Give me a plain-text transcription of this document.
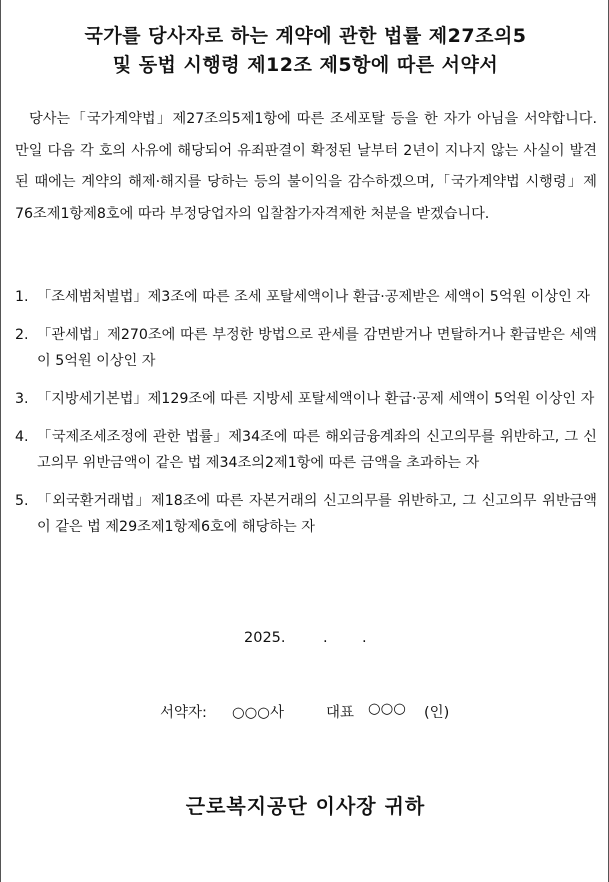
국가를 당사자로 하는 계약에 관한 법률 제27조의5
및 동법 시행령 제12조 제5항에 따른 서약서
당사는「국가계약법」제27조의5제1항에 따른 조세포탈 등을 한 자가 아님을 서약합니다. 만일 다음 각 호의 사유에 해당되어 유죄판결이 확정된 날부터 2년이 지나지 않는 사실이 발견된 때에는 계약의 해제·해지를 당하는 등의 불이익을 감수하겠으며,「국가계약법 시행령」제76조제1항제8호에 따라 부정당업자의 입찰참가자격제한 처분을 받겠습니다.
1. 「조세범처벌법」제3조에 따른 조세 포탈세액이나 환급·공제받은 세액이 5억원 이상인 자
2. 「관세법」제270조에 따른 부정한 방법으로 관세를 감면받거나 면탈하거나 환급받은 세액이 5억원 이상인 자
3. 「지방세기본법」제129조에 따른 지방세 포탈세액이나 환급·공제 세액이 5억원 이상인 자
4. 「국제조세조정에 관한 법률」제34조에 따른 해외금융계좌의 신고의무를 위반하고, 그 신고의무 위반금액이 같은 법 제34조의2제1항에 따른 금액을 초과하는 자
5. 「외국환거래법」제18조에 따른 자본거래의 신고의무를 위반하고, 그 신고의무 위반금액이 같은 법 제29조제1항제6호에 해당하는 자
2025.	. .
서약자: ○○○사	대표 ○○○ (인)
근로복지공단 이사장 귀하
